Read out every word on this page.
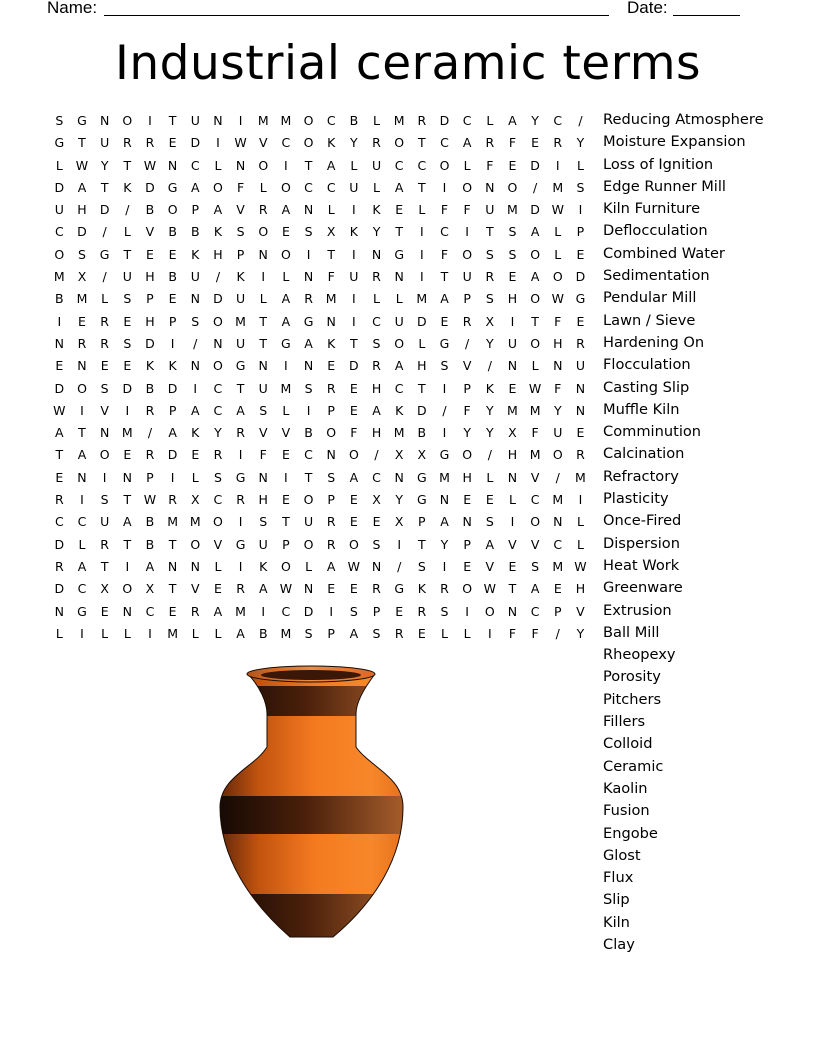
Name:	Date:
Industrial ceramic terms
S	G	N	O	I	T	U	N	I	M M O	C	B	L	M	R	D	C	L	A	Y	C	/
G	T	U	R	R	E	D	I	W V	C	O	K	Y	R	O	T	C	A	R	F	E	R	Y
L	W	Y	T	W N	C	L	N	O	I	T	A	L	U	C	C	O	L	F	E	D	I	L
D	A	T	K	D	G	A	O	F	L	O	C	C	U	L	A	T	I	O	N	O	/	M	S
U	H	D	/	B	O	P	A	V	R	A	N	L	I	K	E	L	F	F	U	M D W	I
C	D	/	L	V	B	B	K	S	O	E	S	X	K	Y	T	I	C	I	T	S	A	L	P
O	S	G	T	E	E	K	H	P	N	O	I	T	I	N	G	I	F	O	S	S	O	L	E
M	X	/	U	H	B	U	/	K	I	L	N	F	U	R	N	I	T	U	R	E	A	O	D
B	M	L	S	P	E	N	D	U	L	A	R	M	I	L	L	M	A	P	S	H	O W G
I	E	R	E	H	P	S	O M	T	A	G	N	I	C	U	D	E	R	X	I	T	F	E
N	R	R	S	D	I	/	N	U	T	G	A	K	T	S	O	L	G	/	Y	U	O	H	R
E	N	E	E	K	K	N	O	G	N	I	N	E	D	R	A	H	S	V	/	N	L	N	U
D	O	S	D	B	D	I	C	T	U	M	S	R	E	H	C	T	I	P	K	E	W	F	N
W	I	V	I	R	P	A	C	A	S	L	I	P	E	A	K	D	/	F	Y	M M	Y	N
A	T	N	M	/	A	K	Y	R	V	V	B	O	F	H	M	B	I	Y	Y	X	F	U	E
T	A	O	E	R	D	E	R	I	F	E	C	N	O	/	X	X	G	O	/	H	M O	R
E	N	I	N	P	I	L	S	G	N	I	T	S	A	C	N	G M	H	L	N	V	/	M
R	I	S	T	W R	X	C	R	H	E	O	P	E	X	Y	G	N	E	E	L	C	M	I
C	C	U	A	B	M M O	I	S	T	U	R	E	E	X	P	A	N	S	I	O	N	L
D	L	R	T	B	T	O	V	G	U	P	O	R	O	S	I	T	Y	P	A	V	V	C	L
R	A	T	I	A	N	N	L	I	K	O	L	A W N	/	S	I	E	V	E	S	M W
D	C	X	O	X	T	V	E	R	A W N	E	E	R	G	K	R	O W	T	A	E	H
N	G	E	N	C	E	R	A	M	I	C	D	I	S	P	E	R	S	I	O	N	C	P	V
L	I	L	L	I	M	L	L	A	B	M	S	P	A	S	R	E	L	L	I	F	F	/	Y
Reducing Atmosphere
Moisture Expansion
Loss of Ignition
Edge Runner Mill
Kiln Furniture
Deflocculation
Combined Water
Sedimentation
Pendular Mill
Lawn / Sieve
Hardening On
Flocculation
Casting Slip
Muffle Kiln
Comminution
Calcination
Refractory
Plasticity
Once-Fired
Dispersion
Heat Work
Greenware
Extrusion
Ball Mill
Rheopexy
Porosity
Pitchers
Fillers
Colloid
Ceramic
Kaolin
Fusion
Engobe
Glost
Flux
Slip
Kiln
Clay
